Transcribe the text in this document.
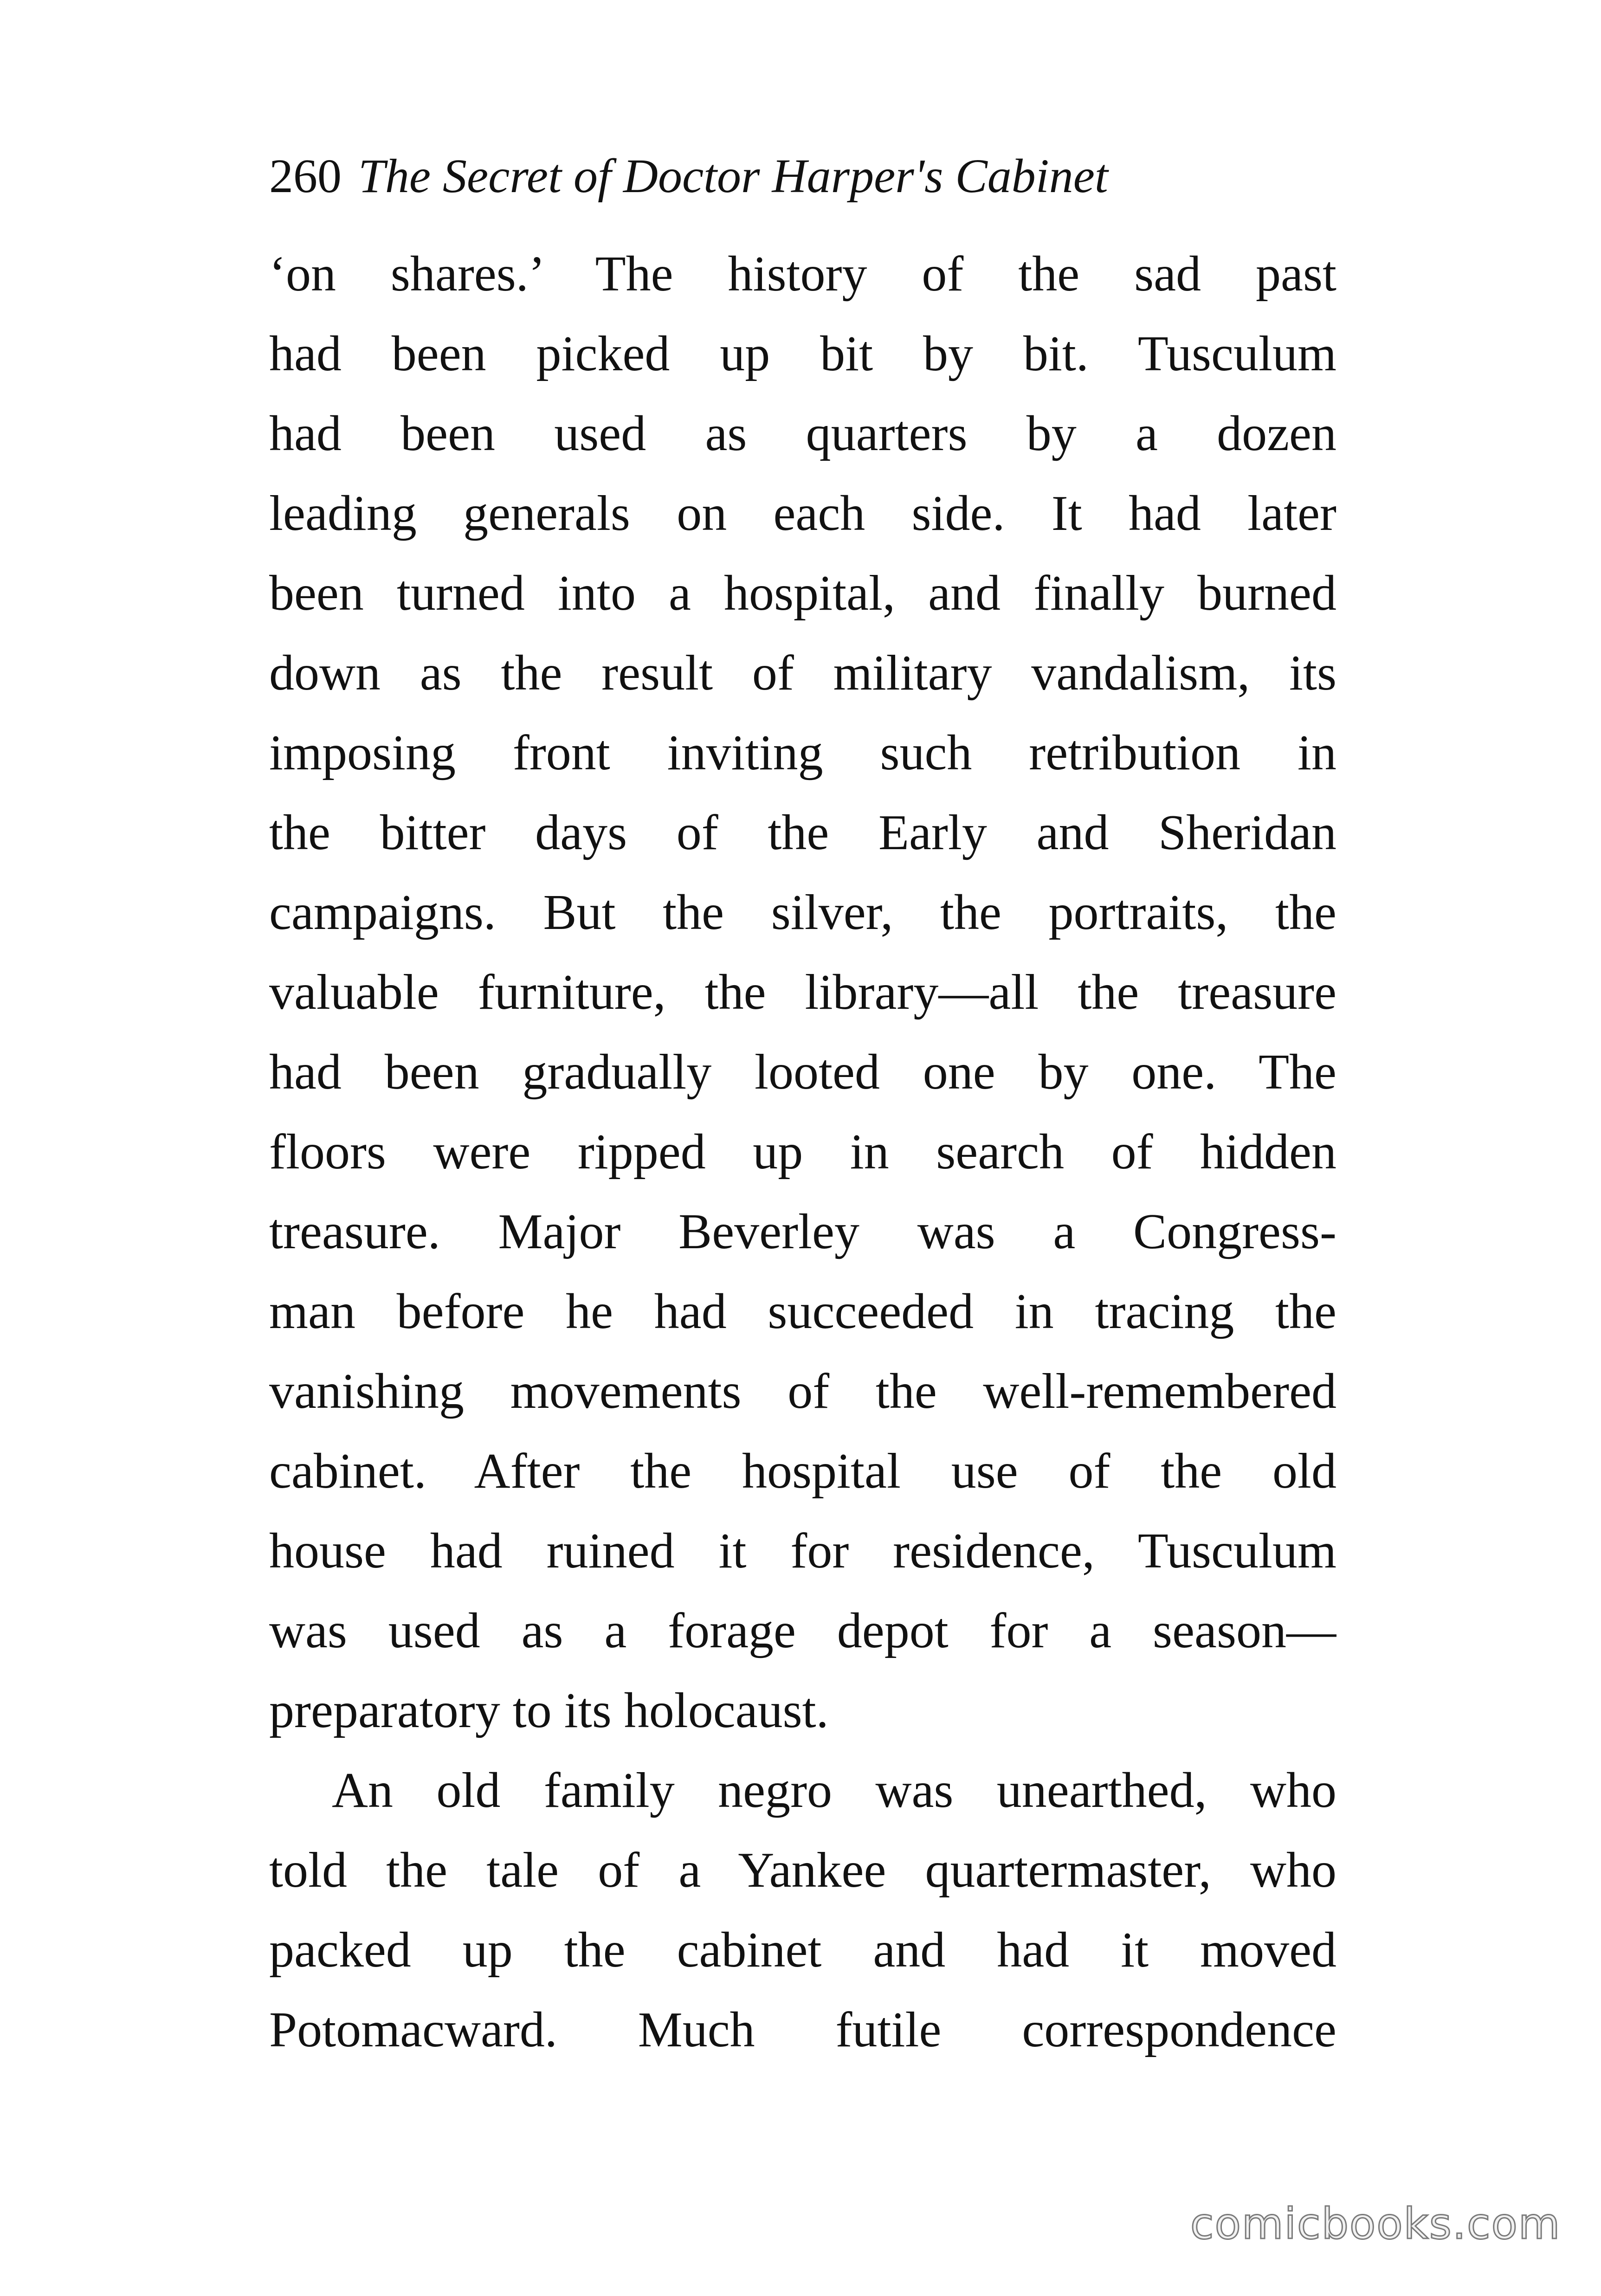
260 The Secret of Doctor Harper's Cabinet
‘on shares.’ The history of the sad past
had been picked up bit by bit. Tusculum
had been used as quarters by a dozen
leading generals on each side. It had later
been turned into a hospital, and finally burned
down as the result of military vandalism, its
imposing front inviting such retribution in
the bitter days of the Early and Sheridan
campaigns. But the silver, the portraits, the
valuable furniture, the library—all the treasure
had been gradually looted one by one. The
floors were ripped up in search of hidden
treasure. Major Beverley was a Congress-
man before he had succeeded in tracing the
vanishing movements of the well-remembered
cabinet. After the hospital use of the old
house had ruined it for residence, Tusculum
was used as a forage depot for a season—
preparatory to its holocaust.
An old family negro was unearthed, who
told the tale of a Yankee quartermaster, who
packed up the cabinet and had it moved
Potomacward. Much futile correspondence
comicbooks.com
